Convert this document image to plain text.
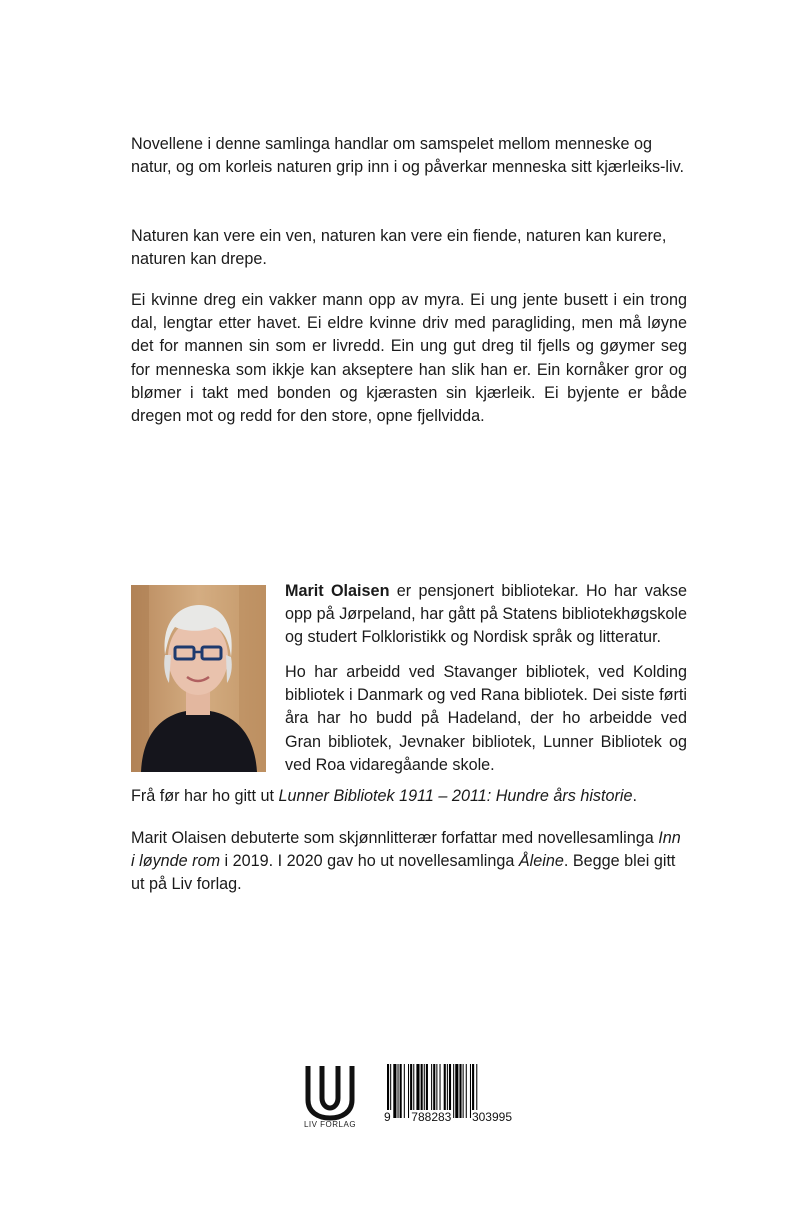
Novellene i denne samlinga handlar om samspelet mellom menneske og natur, og om korleis naturen grip inn i og påverkar menneska sitt kjærleiks-liv.

Naturen kan vere ein ven, naturen kan vere ein fiende, naturen kan kurere, naturen kan drepe.

Ei kvinne dreg ein vakker mann opp av myra. Ei ung jente busett i ein trong dal, lengtar etter havet. Ei eldre kvinne driv med paragliding, men må løyne det for mannen sin som er livredd. Ein ung gut dreg til fjells og gøymer seg for menneska som ikkje kan akseptere han slik han er. Ein kornåker gror og blømer i takt med bonden og kjærasten sin kjærleik. Ei byjente er både dregen mot og redd for den store, opne fjellvidda.

Marit Olaisen er pensjonert bibliotekar. Ho har vakse opp på Jørpeland, har gått på Statens bibliotekhøgskole og studert Folkloristikk og Nordisk språk og litteratur.

Ho har arbeidd ved Stavanger bibliotek, ved Kolding bibliotek i Danmark og ved Rana bibliotek. Dei siste førti åra har ho budd på Hadeland, der ho arbeidde ved Gran bibliotek, Jevnaker bibliotek, Lunner Bibliotek og ved Roa vidaregåande skole.

Frå før har ho gitt ut Lunner Bibliotek 1911 – 2011: Hundre års historie.

Marit Olaisen debuterte som skjønnlitterær forfattar med novellesamlinga Inn i løynde rom i 2019. I 2020 gav ho ut novellesamlinga Åleine. Begge blei gitt ut på Liv forlag.

LIV FORLAG
9 788283 303995
